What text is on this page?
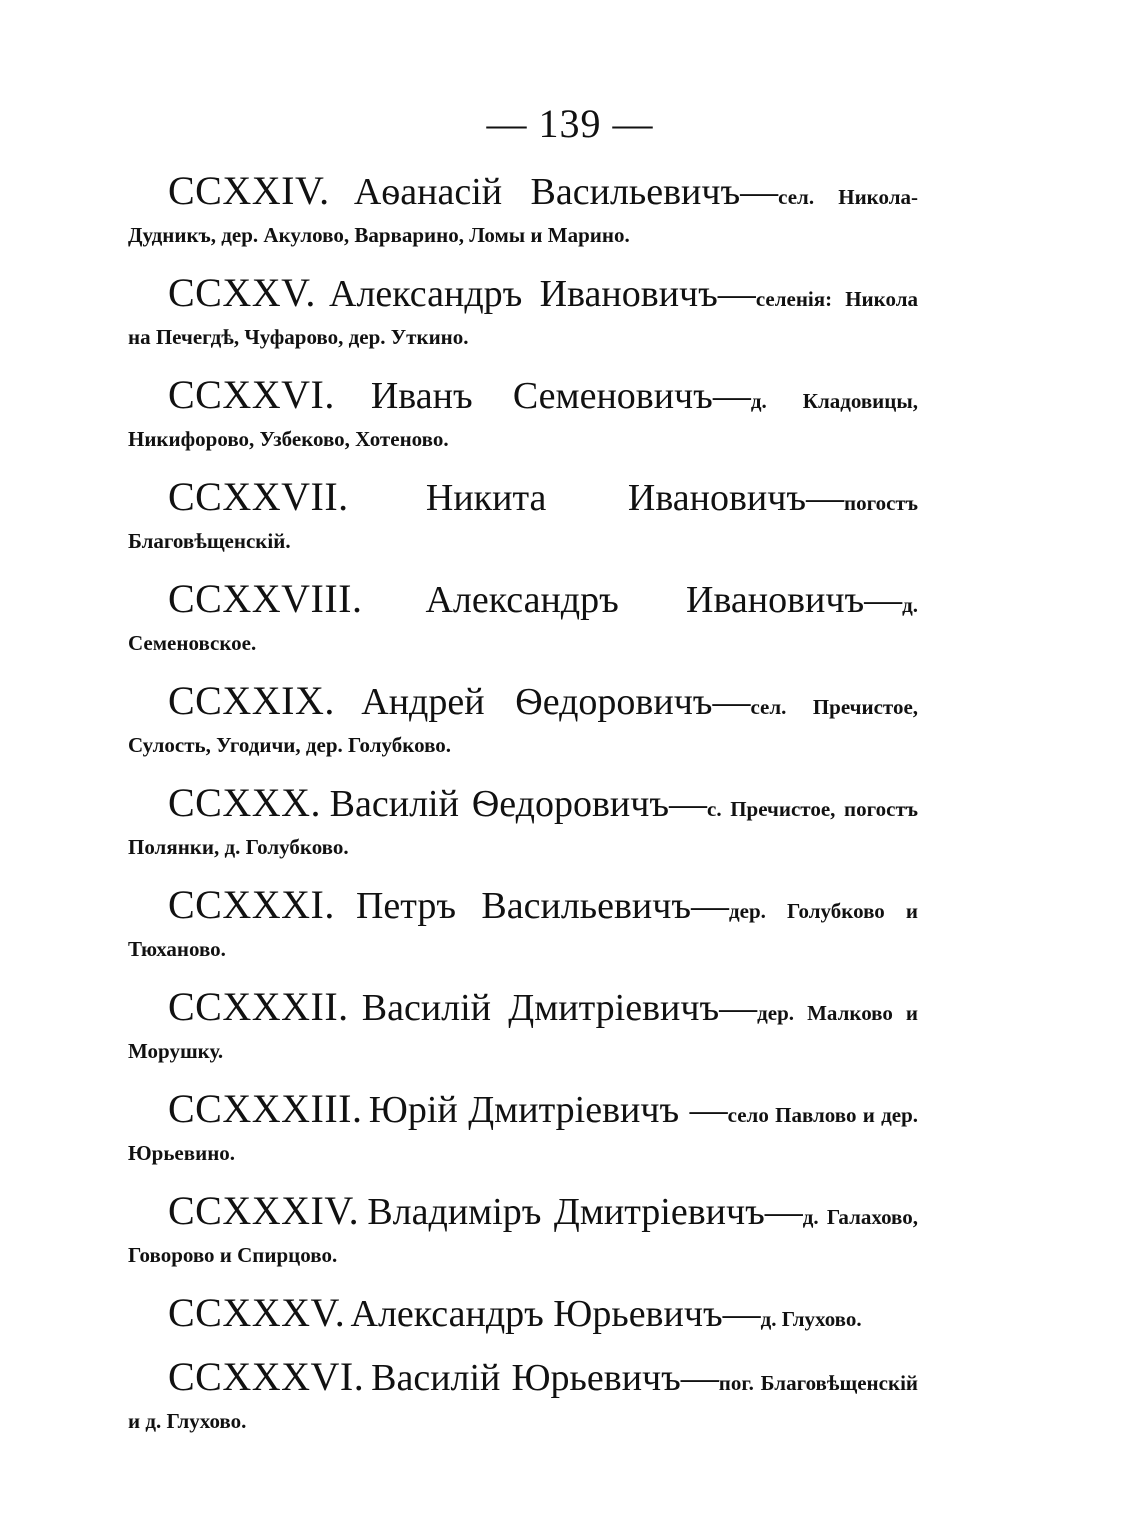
— 139 —

CCXXIV. Аѳанасій Васильевичъ—сел. Никола-Дудникъ, дер. Акулово, Варварино, Ломы и Марино.

CCXXV. Александръ Ивановичъ—селенія: Никола на Печегдѣ, Чуфарово, дер. Уткино.

CCXXVI. Иванъ Семеновичъ—д. Кладовицы, Никифорово, Узбеково, Хотеново.

CCXXVII. Никита Ивановичъ—погостъ Благовѣщенскій.

CCXXVIII. Александръ Ивановичъ—д. Семеновское.

CCXXIX. Андрей Ѳедоровичъ—сел. Пречистое, Сулость, Угодичи, дер. Голубково.

CCXXX. Василій Ѳедоровичъ—с. Пречистое, погостъ Полянки, д. Голубково.

CCXXXI. Петръ Васильевичъ—дер. Голубково и Тюханово.

CCXXXII. Василій Дмитріевичъ—дер. Малково и Морушку.

CCXXXIII. Юрій Дмитріевичъ —село Павлово и дер. Юрьевино.

CCXXXIV. Владиміръ Дмитріевичъ—д. Галахово, Говорово и Спирцово.

CCXXXV. Александръ Юрьевичъ—д. Глухово.

CCXXXVI. Василій Юрьевичъ—пог. Благовѣщенскій и д. Глухово.
